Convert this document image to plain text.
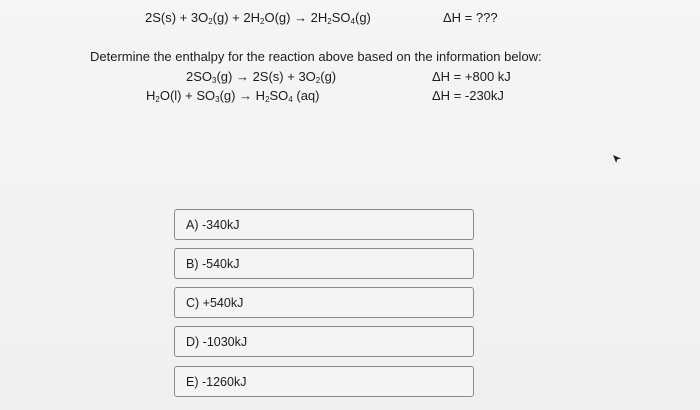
$2S(s) + 3O_2(g) + 2H_2O(g) \to 2H_2SO_4(g)$	ΔH = ???
Determine the enthalpy for the reaction above based on the information below:
$2SO_3(g) \to 2S(s) + 3O_2(g)$	ΔH = +800 kJ
$H_2O(l) + SO_3(g) \to H_2SO_4$ (aq)	ΔH = -230kJ
A) -340kJ
B) -540kJ
C) +540kJ
D) -1030kJ
E) -1260kJ
